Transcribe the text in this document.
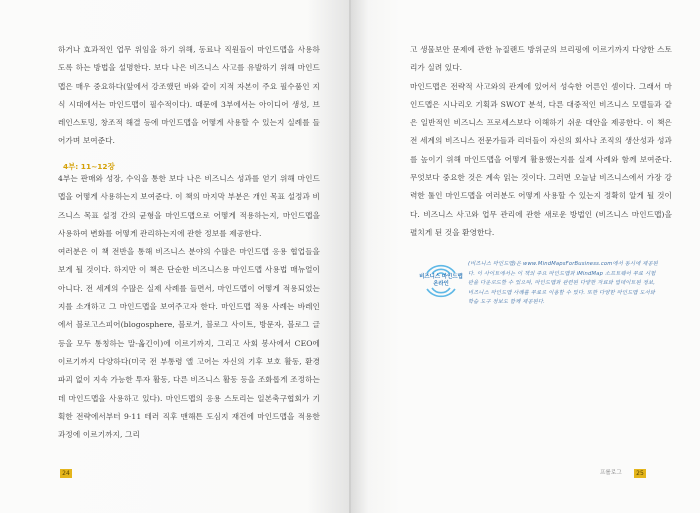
하거나 효과적인 업무 위임을 하기 위해, 동료나 직원들이 마인드맵을 사용하도록 하는 방법을 설명한다. 보다 나은 비즈니스 사고를 유발하기 위해 마인드맵은 매우 중요하다(앞에서 강조했던 바와 같이 지적 자본이 주요 필수품인 지식 시대에서는 마인드맵이 필수적이다). 때문에 3부에서는 아이디어 생성, 브레인스토밍, 창조적 해결 등에 마인드맵을 어떻게 사용할 수 있는지 실례를 들어가며 보여준다.

4부: 11~12장

4부는 판매와 성장, 수익을 통한 보다 나은 비즈니스 성과를 얻기 위해 마인드맵을 어떻게 사용하는지 보여준다. 이 책의 마지막 부분은 개인 목표 설정과 비즈니스 목표 설정 간의 균형을 마인드맵으로 어떻게 적용하는지, 마인드맵을 사용하여 변화를 어떻게 관리하는지에 관한 정보를 제공한다.

여러분은 이 책 전반을 통해 비즈니스 분야의 수많은 마인드맵 응용 협업들을 보게 될 것이다. 하지만 이 책은 단순한 비즈니스용 마인드맵 사용법 매뉴얼이 아니다. 전 세계의 수많은 실제 사례를 들면서, 마인드맵이 어떻게 적용되었는지를 소개하고 그 마인드맵을 보여주고자 한다. 마인드맵 적용 사례는 바레인에서 블로고스피어(blogosphere, 블로거, 블로그 사이트, 방문자, 블로그 글 등을 모두 통칭하는 말-옮긴이)에 이르기까지, 그리고 사회 봉사에서 CEO에 이르기까지 다양하다(미국 전 부통령 앨 고어는 자신의 기후 보호 활동, 환경 파괴 없이 지속 가능한 투자 활동, 다른 비즈니스 활동 등을 조화롭게 조정하는 데 마인드맵을 사용하고 있다). 마인드맵의 응용 스토리는 일본축구협회가 기획한 전략에서부터 9·11 테러 직후 맨해튼 도심지 재건에 마인드맵을 적용한 과정에 이르기까지, 그리

24

고 생물보안 문제에 관한 뉴질랜드 방위군의 브리핑에 이르기까지 다양한 스토리가 실려 있다.

마인드맵은 전략적 사고와의 관계에 있어서 성숙한 어른인 셈이다. 그래서 마인드맵은 시나리오 기획과 SWOT 분석, 다른 대중적인 비즈니스 모델들과 같은 일반적인 비즈니스 프로세스보다 이해하기 쉬운 대안을 제공한다. 이 책은 전 세계의 비즈니스 전문가들과 리더들이 자신의 회사나 조직의 생산성과 성과를 높이기 위해 마인드맵을 어떻게 활용했는지를 실제 사례와 함께 보여준다. 무엇보다 중요한 것은 계속 읽는 것이다. 그러면 오늘날 비즈니스에서 가장 강력한 툴인 마인드맵을 여러분도 어떻게 사용할 수 있는지 정확히 알게 될 것이다. 비즈니스 사고와 업무 관리에 관한 새로운 방법인 (비즈니스 마인드맵)을 펼치게 된 것을 환영한다.

비즈니스 마인드맵 온라인
(비즈니스 마인드맵)은 www.MindMapsForBusiness.com에서 동시에 제공된다. 이 사이트에서는 이 책의 주요 마인드맵과 iMindMap 소프트웨어 무료 시험판을 다운로드할 수 있으며, 마인드맵과 관련된 다양한 자료와 업데이트된 정보, 비즈니스 마인드맵 사례를 무료로 이용할 수 있다. 또한 다양한 마인드맵 도서와 학습 도구 정보도 함께 제공된다.
프롤로그	25
